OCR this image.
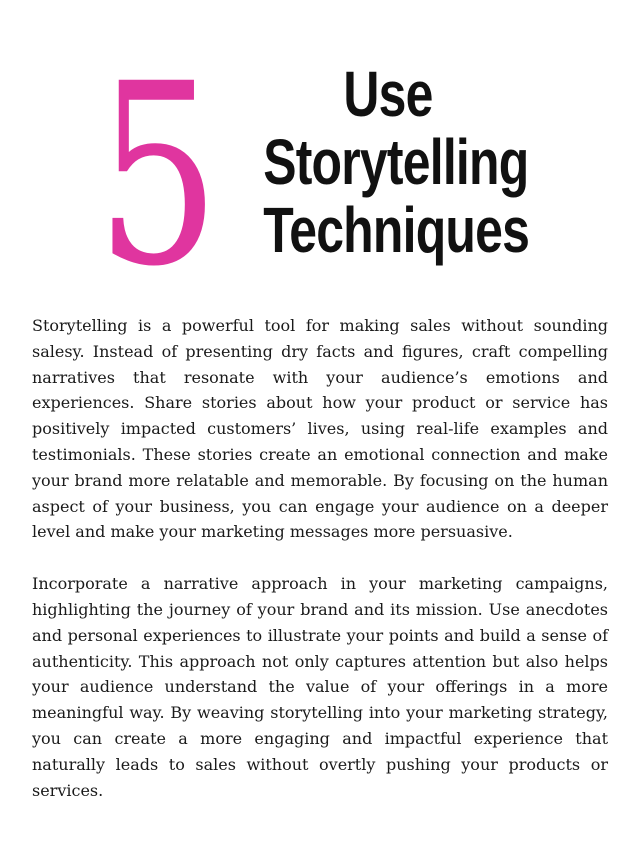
5	Use
Storytelling
Techniques

Storytelling is a powerful tool for making sales without sounding salesy. Instead of presenting dry facts and figures, craft compelling narratives that resonate with your audience’s emotions and experiences. Share stories about how your product or service has positively impacted customers’ lives, using real-life examples and testimonials. These stories create an emotional connection and make your brand more relatable and memorable. By focusing on the human aspect of your business, you can engage your audience on a deeper level and make your marketing messages more persuasive.

Incorporate a narrative approach in your marketing campaigns, highlighting the journey of your brand and its mission. Use anecdotes and personal experiences to illustrate your points and build a sense of authenticity. This approach not only captures attention but also helps your audience understand the value of your offerings in a more meaningful way. By weaving storytelling into your marketing strategy, you can create a more engaging and impactful experience that naturally leads to sales without overtly pushing your products or services.
